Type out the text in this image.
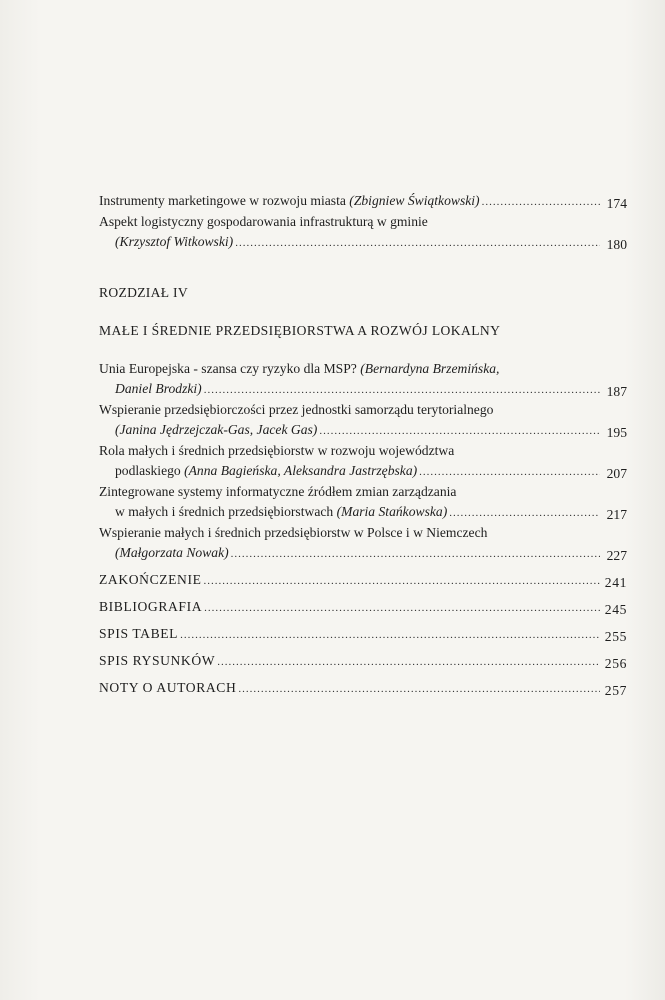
Instrumenty marketingowe w rozwoju miasta (Zbigniew Świątkowski) .....	174
Aspekt logistyczny gospodarowania infrastrukturą w gminie
(Krzysztof Witkowski) .....	180
ROZDZIAŁ IV
MAŁE I ŚREDNIE PRZEDSIĘBIORSTWA A ROZWÓJ LOKALNY
Unia Europejska - szansa czy ryzyko dla MSP? (Bernardyna Brzemińska,
Daniel Brodzki) .....	187
Wspieranie przedsiębiorczości przez jednostki samorządu terytorialnego
(Janina Jędrzejczak-Gas, Jacek Gas) .....	195
Rola małych i średnich przedsiębiorstw w rozwoju województwa
podlaskiego (Anna Bagieńska, Aleksandra Jastrzębska) .....	207
Zintegrowane systemy informatyczne źródłem zmian zarządzania
w małych i średnich przedsiębiorstwach (Maria Stańkowska) .....	217
Wspieranie małych i średnich przedsiębiorstw w Polsce i w Niemczech
(Małgorzata Nowak) .....	227
ZAKOŃCZENIE .....	241
BIBLIOGRAFIA .....	245
SPIS TABEL .....	255
SPIS RYSUNKÓW .....	256
NOTY O AUTORACH .....	257
